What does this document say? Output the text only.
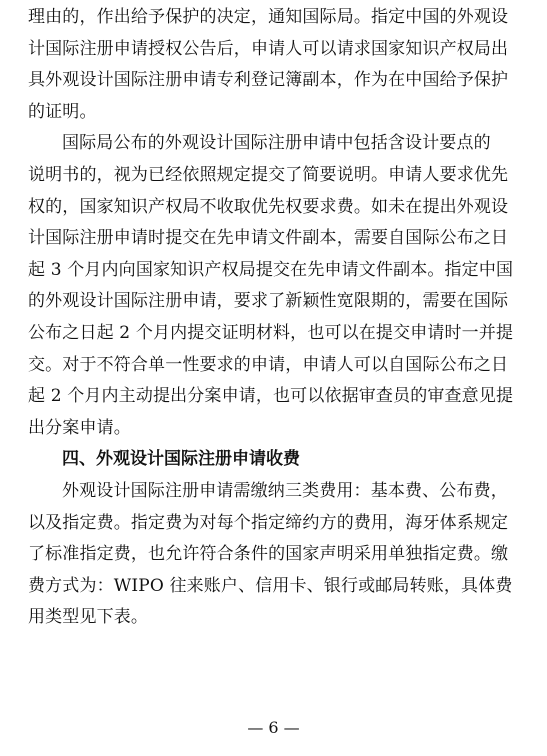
理由的，作出给予保护的决定，通知国际局。指定中国的外观设
计国际注册申请授权公告后，申请人可以请求国家知识产权局出
具外观设计国际注册申请专利登记簿副本，作为在中国给予保护
的证明。
国际局公布的外观设计国际注册申请中包括含设计要点的
说明书的，视为已经依照规定提交了简要说明。申请人要求优先
权的，国家知识产权局不收取优先权要求费。如未在提出外观设
计国际注册申请时提交在先申请文件副本，需要自国际公布之日
起 3 个月内向国家知识产权局提交在先申请文件副本。指定中国
的外观设计国际注册申请，要求了新颖性宽限期的，需要在国际
公布之日起 2 个月内提交证明材料，也可以在提交申请时一并提
交。对于不符合单一性要求的申请，申请人可以自国际公布之日
起 2 个月内主动提出分案申请，也可以依据审查员的审查意见提
出分案申请。
四、外观设计国际注册申请收费
外观设计国际注册申请需缴纳三类费用：基本费、公布费，
以及指定费。指定费为对每个指定缔约方的费用，海牙体系规定
了标准指定费，也允许符合条件的国家声明采用单独指定费。缴
费方式为：WIPO 往来账户、信用卡、银行或邮局转账，具体费
用类型见下表。
— 6 —
